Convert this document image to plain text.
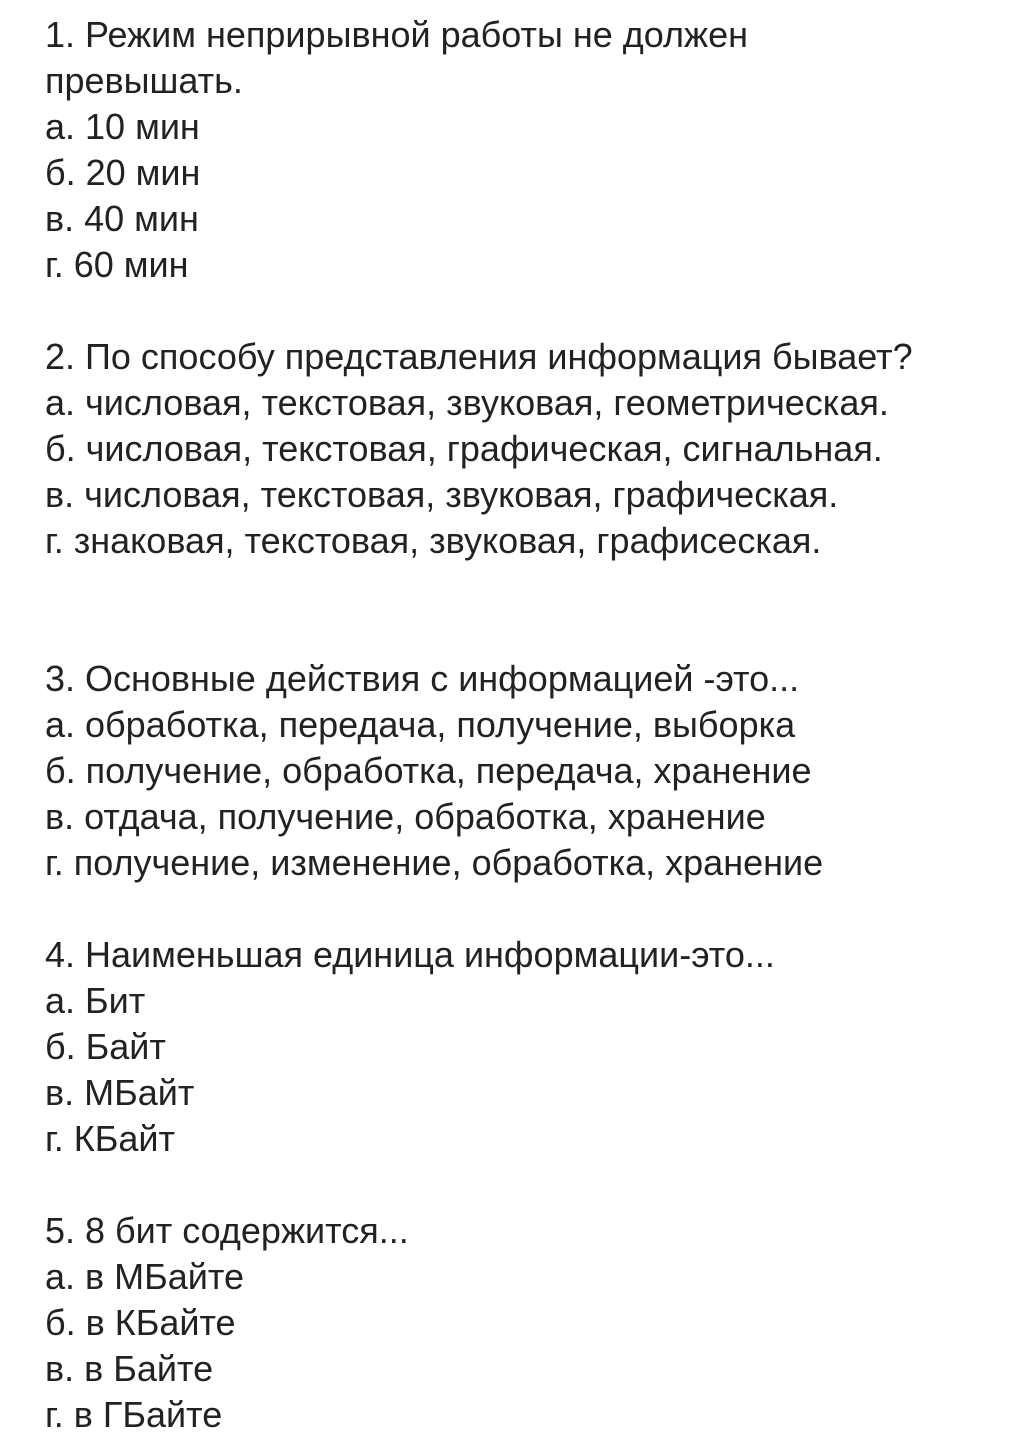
1. Режим неприрывной работы не должен
превышать.
а. 10 мин
б. 20 мин
в. 40 мин
г. 60 мин
2. По способу представления информация бывает?
а. числовая, текстовая, звуковая, геометрическая.
б. числовая, текстовая, графическая, сигнальная.
в. числовая, текстовая, звуковая, графическая.
г. знаковая, текстовая, звуковая, графисеская.
3. Основные действия с информацией -это...
а. обработка, передача, получение, выборка
б. получение, обработка, передача, хранение
в. отдача, получение, обработка, хранение
г. получение, изменение, обработка, хранение
4. Наименьшая единица информации-это...
а. Бит
б. Байт
в. МБайт
г. КБайт
5. 8 бит содержится...
а. в МБайте
б. в КБайте
в. в Байте
г. в ГБайте
